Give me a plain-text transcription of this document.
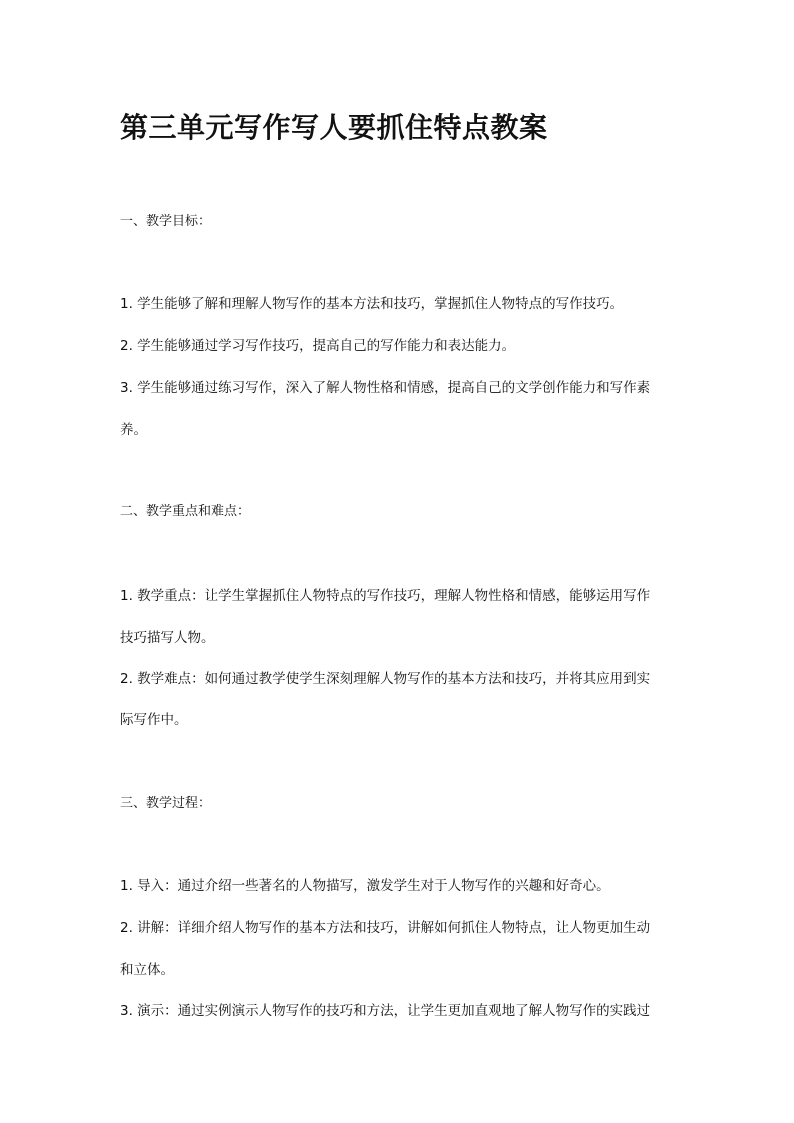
第三单元写作写人要抓住特点教案
一、教学目标：
1. 学生能够了解和理解人物写作的基本方法和技巧，掌握抓住人物特点的写作技巧。
2. 学生能够通过学习写作技巧，提高自己的写作能力和表达能力。
3. 学生能够通过练习写作，深入了解人物性格和情感，提高自己的文学创作能力和写作素
养。
二、教学重点和难点：
1. 教学重点：让学生掌握抓住人物特点的写作技巧，理解人物性格和情感，能够运用写作
技巧描写人物。
2. 教学难点：如何通过教学使学生深刻理解人物写作的基本方法和技巧，并将其应用到实
际写作中。
三、教学过程：
1. 导入：通过介绍一些著名的人物描写，激发学生对于人物写作的兴趣和好奇心。
2. 讲解：详细介绍人物写作的基本方法和技巧，讲解如何抓住人物特点，让人物更加生动
和立体。
3. 演示：通过实例演示人物写作的技巧和方法，让学生更加直观地了解人物写作的实践过
